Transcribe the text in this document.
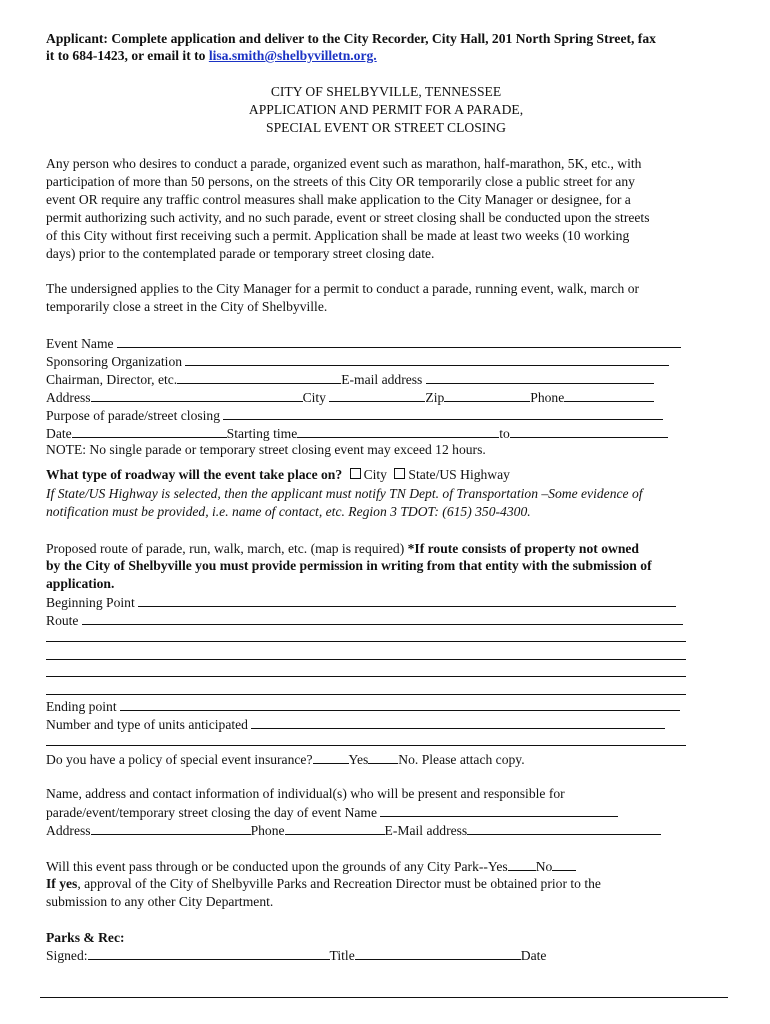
Applicant: Complete application and deliver to the City Recorder, City Hall, 201 North Spring Street, fax
it to 684-1423, or email it to lisa.smith@shelbyvilletn.org.
CITY OF SHELBYVILLE, TENNESSEE
APPLICATION AND PERMIT FOR A PARADE,
SPECIAL EVENT OR STREET CLOSING
Any person who desires to conduct a parade, organized event such as marathon, half-marathon, 5K, etc., with
participation of more than 50 persons, on the streets of this City OR temporarily close a public street for any
event OR require any traffic control measures shall make application to the City Manager or designee, for a
permit authorizing such activity, and no such parade, event or street closing shall be conducted upon the streets
of this City without first receiving such a permit. Application shall be made at least two weeks (10 working
days) prior to the contemplated parade or temporary street closing date.
The undersigned applies to the City Manager for a permit to conduct a parade, running event, walk, march or
temporarily close a street in the City of Shelbyville.
Event Name
Sponsoring Organization
Chairman, Director, etc.	E-mail address
Address	City	Zip	Phone
Purpose of parade/street closing
Date	Starting time	to
NOTE: No single parade or temporary street closing event may exceed 12 hours.
What type of roadway will the event take place on? City State/US Highway
If State/US Highway is selected, then the applicant must notify TN Dept. of Transportation –Some evidence of
notification must be provided, i.e. name of contact, etc. Region 3 TDOT: (615) 350-4300.
Proposed route of parade, run, walk, march, etc. (map is required) *If route consists of property not owned
by the City of Shelbyville you must provide permission in writing from that entity with the submission of
application.
Beginning Point
Route
Ending point
Number and type of units anticipated
Do you have a policy of special event insurance?	Yes No. Please attach copy.
Name, address and contact information of individual(s) who will be present and responsible for
parade/event/temporary street closing the day of event Name
Address	Phone	E-Mail address
Will this event pass through or be conducted upon the grounds of any City Park--Yes No
If yes, approval of the City of Shelbyville Parks and Recreation Director must be obtained prior to the
submission to any other City Department.
Parks & Rec:
Signed:	Title	Date
